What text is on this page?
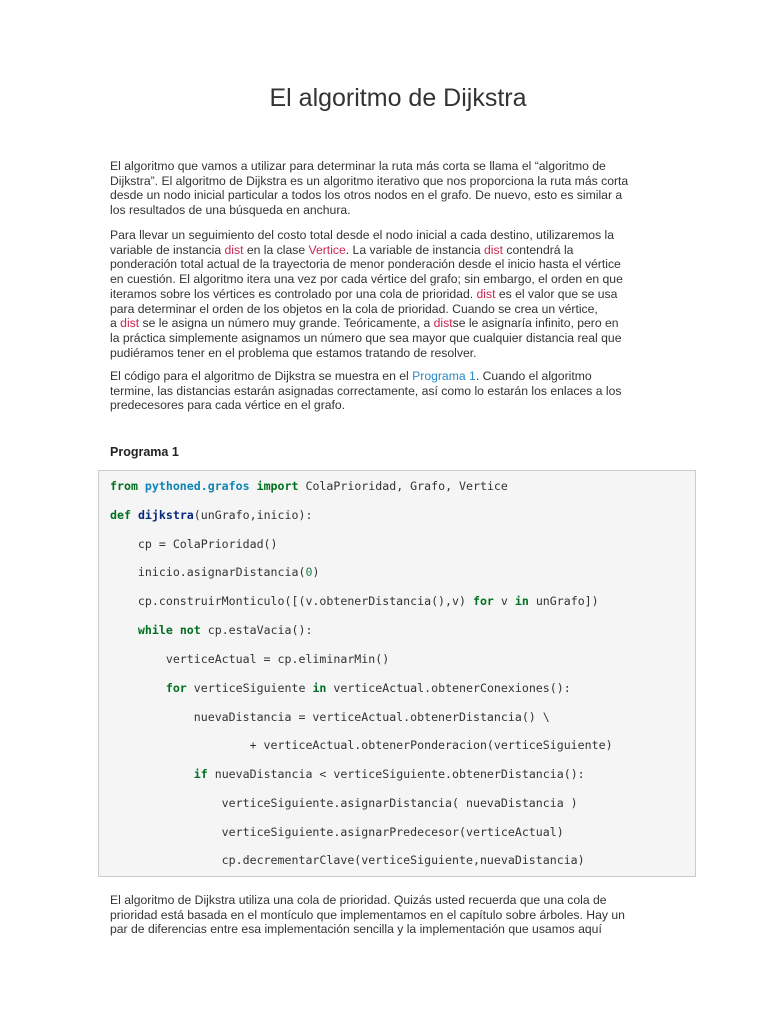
El algoritmo de Dijkstra
El algoritmo que vamos a utilizar para determinar la ruta más corta se llama el “algoritmo de
Dijkstra”. El algoritmo de Dijkstra es un algoritmo iterativo que nos proporciona la ruta más corta
desde un nodo inicial particular a todos los otros nodos en el grafo. De nuevo, esto es similar a
los resultados de una búsqueda en anchura.
Para llevar un seguimiento del costo total desde el nodo inicial a cada destino, utilizaremos la
variable de instancia dist en la clase Vertice. La variable de instancia dist contendrá la
ponderación total actual de la trayectoria de menor ponderación desde el inicio hasta el vértice
en cuestión. El algoritmo itera una vez por cada vértice del grafo; sin embargo, el orden en que
iteramos sobre los vértices es controlado por una cola de prioridad. dist es el valor que se usa
para determinar el orden de los objetos en la cola de prioridad. Cuando se crea un vértice,
a dist se le asigna un número muy grande. Teóricamente, a distse le asignaría infinito, pero en
la práctica simplemente asignamos un número que sea mayor que cualquier distancia real que
pudiéramos tener en el problema que estamos tratando de resolver.
El código para el algoritmo de Dijkstra se muestra en el Programa 1. Cuando el algoritmo
termine, las distancias estarán asignadas correctamente, así como lo estarán los enlaces a los
predecesores para cada vértice en el grafo.
Programa 1
from pythoned.grafos import ColaPrioridad, Grafo, Vertice
def dijkstra(unGrafo,inicio):
cp = ColaPrioridad()
inicio.asignarDistancia(0)
cp.construirMonticulo([(v.obtenerDistancia(),v) for v in unGrafo])
while not cp.estaVacia():
verticeActual = cp.eliminarMin()
for verticeSiguiente in verticeActual.obtenerConexiones():
nuevaDistancia = verticeActual.obtenerDistancia() \
+ verticeActual.obtenerPonderacion(verticeSiguiente)
if nuevaDistancia < verticeSiguiente.obtenerDistancia():
verticeSiguiente.asignarDistancia( nuevaDistancia )
verticeSiguiente.asignarPredecesor(verticeActual)
cp.decrementarClave(verticeSiguiente,nuevaDistancia)
El algoritmo de Dijkstra utiliza una cola de prioridad. Quizás usted recuerda que una cola de
prioridad está basada en el montículo que implementamos en el capítulo sobre árboles. Hay un
par de diferencias entre esa implementación sencilla y la implementación que usamos aquí
